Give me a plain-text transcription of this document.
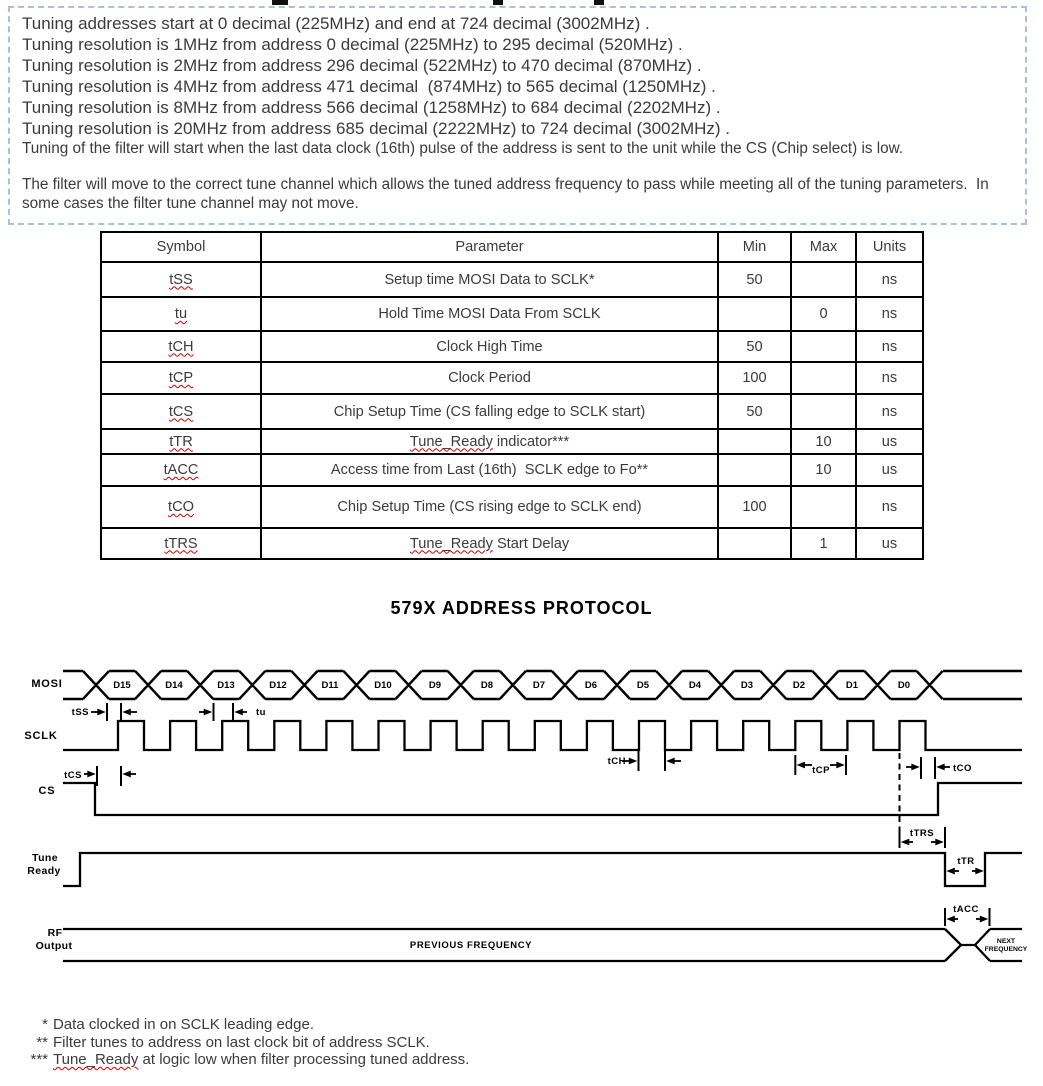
Tuning addresses start at 0 decimal (225MHz) and end at 724 decimal (3002MHz) .
Tuning resolution is 1MHz from address 0 decimal (225MHz) to 295 decimal (520MHz) .
Tuning resolution is 2MHz from address 296 decimal (522MHz) to 470 decimal (870MHz) .
Tuning resolution is 4MHz from address 471 decimal  (874MHz) to 565 decimal (1250MHz) .
Tuning resolution is 8MHz from address 566 decimal (1258MHz) to 684 decimal (2202MHz) .
Tuning resolution is 20MHz from address 685 decimal (2222MHz) to 724 decimal (3002MHz) .
Tuning of the filter will start when the last data clock (16th) pulse of the address is sent to the unit while the CS (Chip select) is low.
The filter will move to the correct tune channel which allows the tuned address frequency to pass while meeting all of the tuning parameters.  In some cases the filter tune channel may not move.
Symbol	Parameter	Min	Max	Units
tSS	Setup time MOSI Data to SCLK*	50		ns
tu	Hold Time MOSI Data From SCLK		0	ns
tCH	Clock High Time	50		ns
tCP	Clock Period	100		ns
tCS	Chip Setup Time (CS falling edge to SCLK start)	50		ns
tTR	Tune_Ready indicator***		10	us
tACC	Access time from Last (16th)  SCLK edge to Fo**		10	us
tCO	Chip Setup Time (CS rising edge to SCLK end)	100		ns
tTRS	Tune_Ready Start Delay		1	us
579X ADDRESS PROTOCOL
MOSI
SCLK
CS
Tune
Ready
RF
Output
D15	D14	D13	D12	D11	D10	D9	D8	D7	D6	D5	D4	D3	D2	D1	D0
tSS	tu
tCS
tCH
tCP	tCO
tTRS
tTR
tACC
PREVIOUS FREQUENCY	NEXT
FREQUENCY
* Data clocked in on SCLK leading edge.
** Filter tunes to address on last clock bit of address SCLK.
*** Tune_Ready at logic low when filter processing tuned address.
